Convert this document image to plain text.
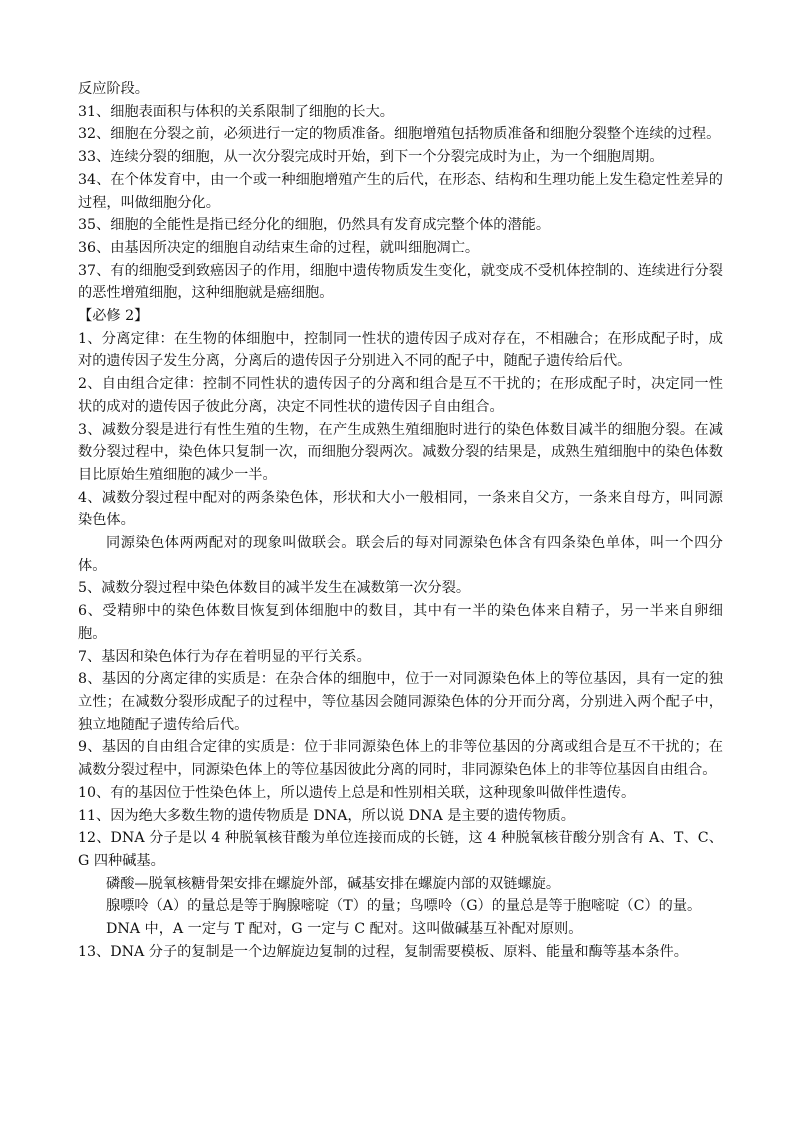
反应阶段。

31、细胞表面积与体积的关系限制了细胞的长大。

32、细胞在分裂之前，必须进行一定的物质准备。细胞增殖包括物质准备和细胞分裂整个连续的过程。

33、连续分裂的细胞，从一次分裂完成时开始，到下一个分裂完成时为止，为一个细胞周期。

34、在个体发育中，由一个或一种细胞增殖产生的后代，在形态、结构和生理功能上发生稳定性差异的过程，叫做细胞分化。

35、细胞的全能性是指已经分化的细胞，仍然具有发育成完整个体的潜能。

36、由基因所决定的细胞自动结束生命的过程，就叫细胞凋亡。

37、有的细胞受到致癌因子的作用，细胞中遗传物质发生变化，就变成不受机体控制的、连续进行分裂的恶性增殖细胞，这种细胞就是癌细胞。

【必修 2】

1、分离定律：在生物的体细胞中，控制同一性状的遗传因子成对存在，不相融合；在形成配子时，成对的遗传因子发生分离，分离后的遗传因子分别进入不同的配子中，随配子遗传给后代。

2、自由组合定律：控制不同性状的遗传因子的分离和组合是互不干扰的；在形成配子时，决定同一性状的成对的遗传因子彼此分离，决定不同性状的遗传因子自由组合。

3、减数分裂是进行有性生殖的生物，在产生成熟生殖细胞时进行的染色体数目减半的细胞分裂。在减数分裂过程中，染色体只复制一次，而细胞分裂两次。减数分裂的结果是，成熟生殖细胞中的染色体数目比原始生殖细胞的减少一半。

4、减数分裂过程中配对的两条染色体，形状和大小一般相同，一条来自父方，一条来自母方，叫同源染色体。

同源染色体两两配对的现象叫做联会。联会后的每对同源染色体含有四条染色单体，叫一个四分体。

5、减数分裂过程中染色体数目的减半发生在减数第一次分裂。

6、受精卵中的染色体数目恢复到体细胞中的数目，其中有一半的染色体来自精子，另一半来自卵细胞。

7、基因和染色体行为存在着明显的平行关系。

8、基因的分离定律的实质是：在杂合体的细胞中，位于一对同源染色体上的等位基因，具有一定的独立性；在减数分裂形成配子的过程中，等位基因会随同源染色体的分开而分离，分别进入两个配子中，独立地随配子遗传给后代。

9、基因的自由组合定律的实质是：位于非同源染色体上的非等位基因的分离或组合是互不干扰的；在减数分裂过程中，同源染色体上的等位基因彼此分离的同时，非同源染色体上的非等位基因自由组合。

10、有的基因位于性染色体上，所以遗传上总是和性别相关联，这种现象叫做伴性遗传。

11、因为绝大多数生物的遗传物质是 DNA，所以说 DNA 是主要的遗传物质。

12、DNA 分子是以 4 种脱氧核苷酸为单位连接而成的长链，这 4 种脱氧核苷酸分别含有 A、T、C、G 四种碱基。

磷酸—脱氧核糖骨架安排在螺旋外部，碱基安排在螺旋内部的双链螺旋。

腺嘌呤（A）的量总是等于胸腺嘧啶（T）的量；鸟嘌呤（G）的量总是等于胞嘧啶（C）的量。

DNA 中，A 一定与 T 配对，G 一定与 C 配对。这叫做碱基互补配对原则。

13、DNA 分子的复制是一个边解旋边复制的过程，复制需要模板、原料、能量和酶等基本条件。
